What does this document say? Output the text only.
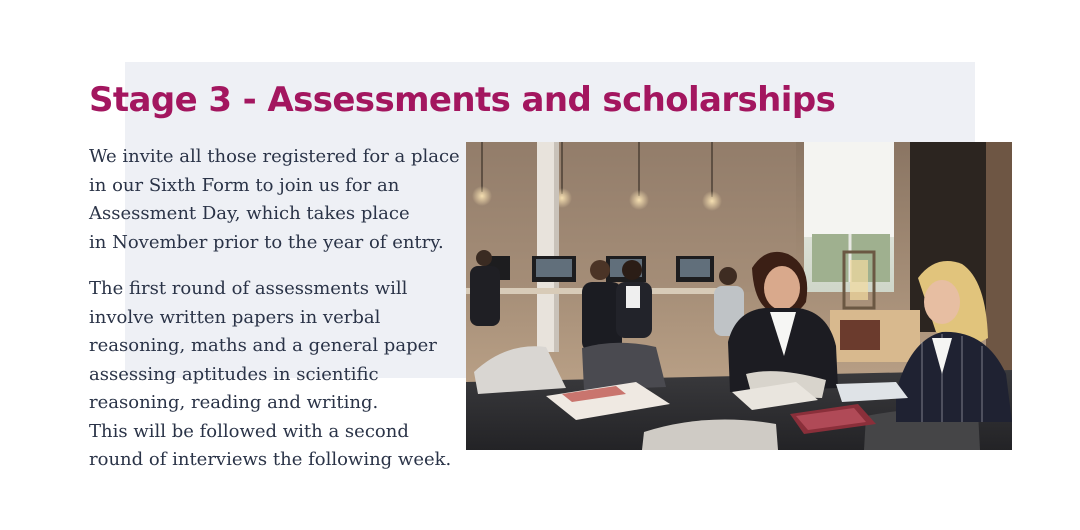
Stage 3 - Assessments and scholarships

We invite all those registered for a place
in our Sixth Form to join us for an
Assessment Day, which takes place
in November prior to the year of entry.

The first round of assessments will
involve written papers in verbal
reasoning, maths and a general paper
assessing aptitudes in scientific
reasoning, reading and writing.
This will be followed with a second
round of interviews the following week.
